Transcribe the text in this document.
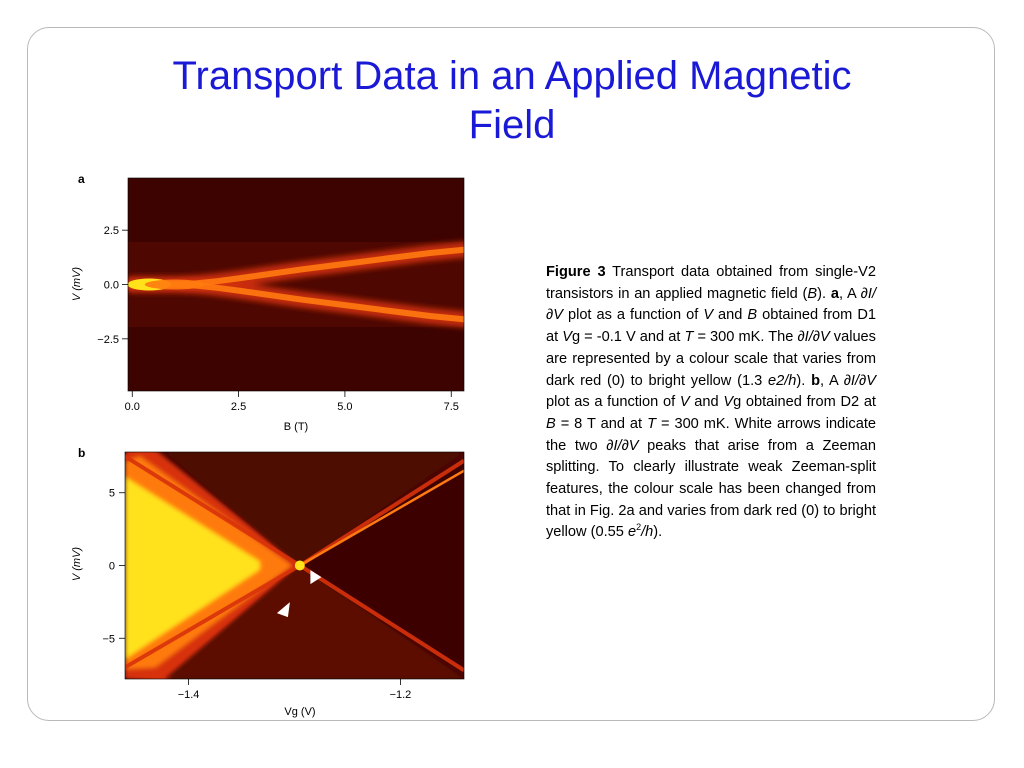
Transport Data in an Applied Magnetic
Field
a
b
2.5
0.0
−2.5
0.0	2.5	5.0	7.5
V (mV)
B (T)
5
0
−5
−1.4	−1.2
V (mV)
Vg (V)
Figure 3 Transport data obtained from single-V2 transistors in an applied magnetic field (B). a, A ∂I/∂V plot as a function of V and B obtained from D1 at Vg = -0.1 V and at T = 300 mK. The ∂I/∂V values are represented by a colour scale that varies from dark red (0) to bright yellow (1.3 e2/h). b, A ∂I/∂V plot as a function of V and Vg obtained from D2 at B = 8 T and at T = 300 mK. White arrows indicate the two ∂I/∂V peaks that arise from a Zeeman splitting. To clearly illustrate weak Zeeman-split features, the colour scale has been changed from that in Fig. 2a and varies from dark red (0) to bright yellow (0.55 $e^2/h$).
